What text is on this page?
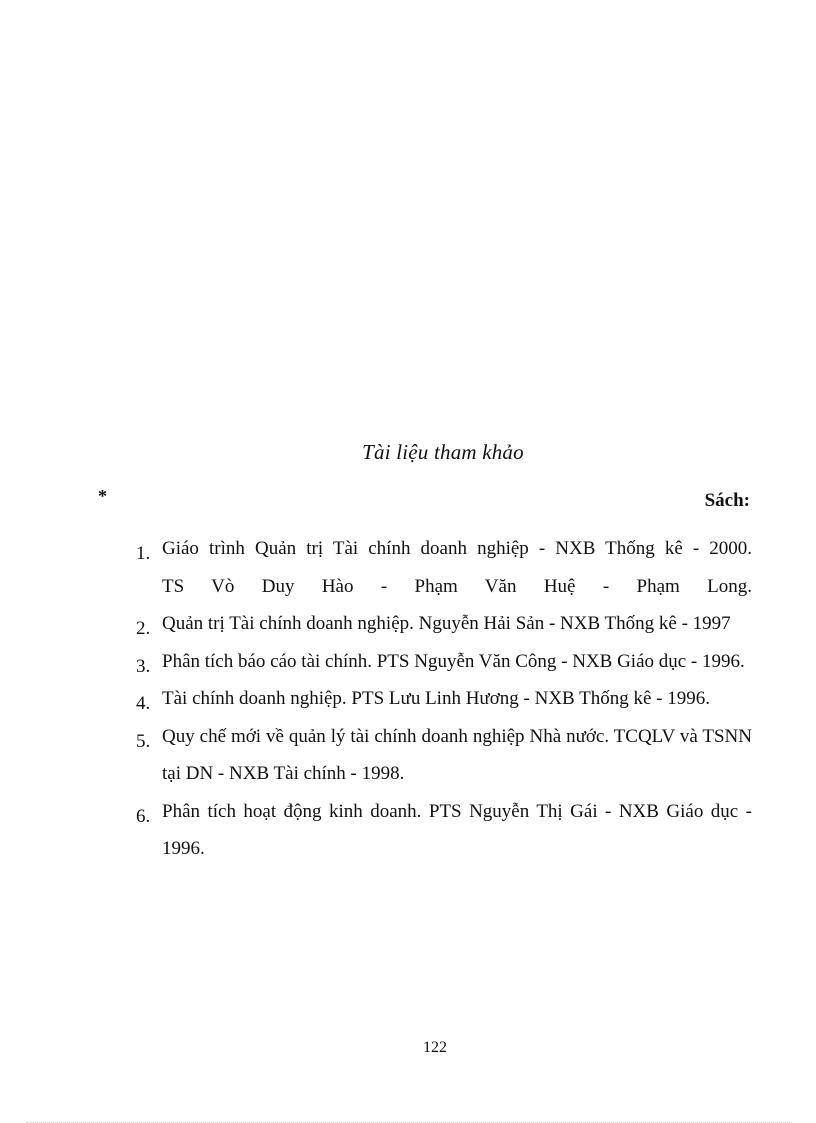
Tài liệu tham khảo
*	Sách:
1. Giáo trình Quản trị Tài chính doanh nghiệp - NXB Thống kê - 2000.
TS Vò Duy Hào - Phạm Văn Huệ - Phạm Long.
2. Quản trị Tài chính doanh nghiệp. Nguyễn Hải Sản - NXB Thống kê - 1997
3. Phân tích báo cáo tài chính. PTS Nguyễn Văn Công - NXB Giáo dục - 1996.
4. Tài chính doanh nghiệp. PTS Lưu Linh Hương - NXB Thống kê - 1996.
5. Quy chế mới về quản lý tài chính doanh nghiệp Nhà nước. TCQLV và TSNN tại DN - NXB Tài chính - 1998.
6. Phân tích hoạt động kinh doanh. PTS Nguyễn Thị Gái - NXB Giáo dục - 1996.
122
